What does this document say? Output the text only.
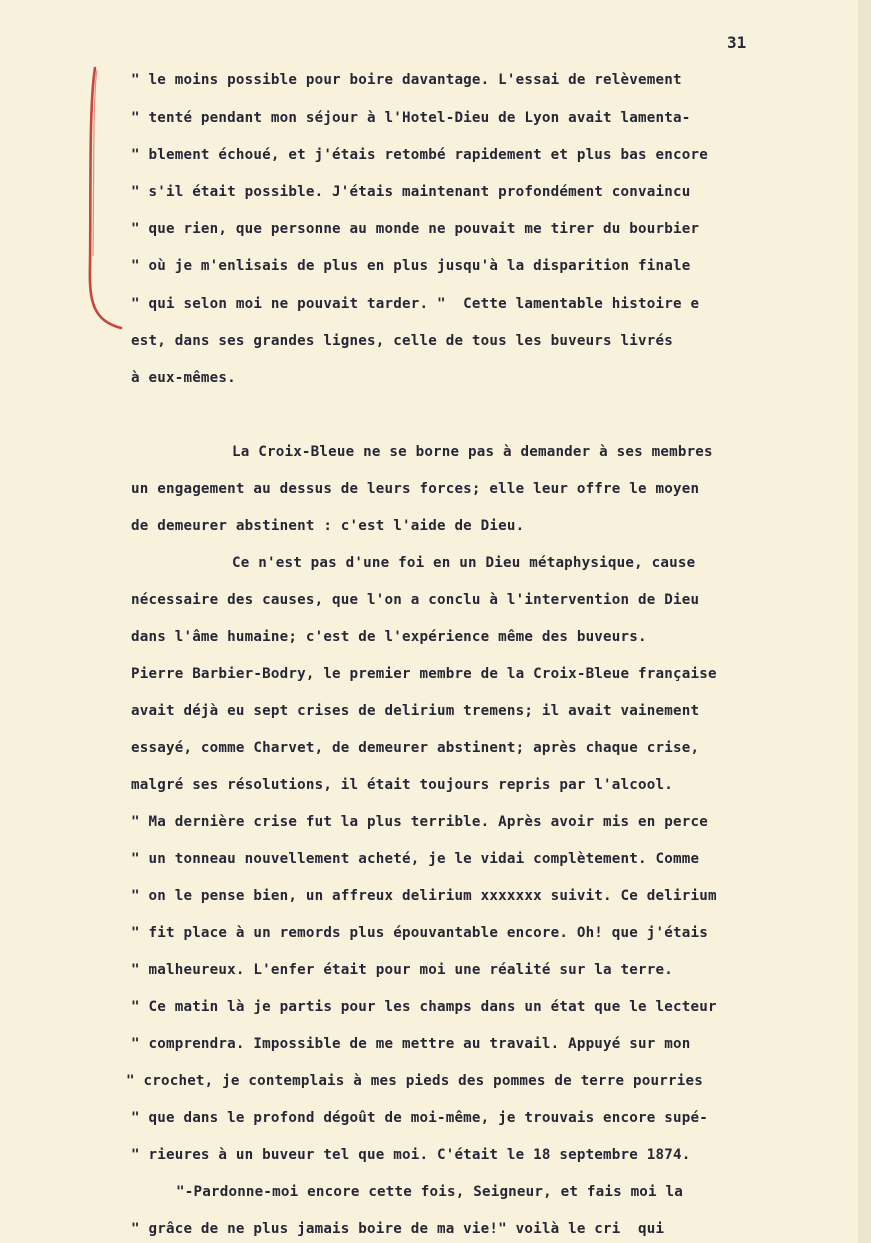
31
" le moins possible pour boire davantage. L'essai de relèvement
" tenté pendant mon séjour à l'Hotel-Dieu de Lyon avait lamenta-
" blement échoué, et j'étais retombé rapidement et plus bas encore
" s'il était possible. J'étais maintenant profondément convaincu
" que rien, que personne au monde ne pouvait me tirer du bourbier
" où je m'enlisais de plus en plus jusqu'à la disparition finale
" qui selon moi ne pouvait tarder. "  Cette lamentable histoire e
est, dans ses grandes lignes, celle de tous les buveurs livrés
à eux-mêmes.
La Croix-Bleue ne se borne pas à demander à ses membres
un engagement au dessus de leurs forces; elle leur offre le moyen
de demeurer abstinent : c'est l'aide de Dieu.
Ce n'est pas d'une foi en un Dieu métaphysique, cause
nécessaire des causes, que l'on a conclu à l'intervention de Dieu
dans l'âme humaine; c'est de l'expérience même des buveurs.
Pierre Barbier-Bodry, le premier membre de la Croix-Bleue française
avait déjà eu sept crises de delirium tremens; il avait vainement
essayé, comme Charvet, de demeurer abstinent; après chaque crise,
malgré ses résolutions, il était toujours repris par l'alcool.
" Ma dernière crise fut la plus terrible. Après avoir mis en perce
" un tonneau nouvellement acheté, je le vidai complètement. Comme
" on le pense bien, un affreux delirium xxxxxxx suivit. Ce delirium
" fit place à un remords plus épouvantable encore. Oh! que j'étais
" malheureux. L'enfer était pour moi une réalité sur la terre.
" Ce matin là je partis pour les champs dans un état que le lecteur
" comprendra. Impossible de me mettre au travail. Appuyé sur mon
" crochet, je contemplais à mes pieds des pommes de terre pourries
" que dans le profond dégoût de moi-même, je trouvais encore supé-
" rieures à un buveur tel que moi. C'était le 18 septembre 1874.
"-Pardonne-moi encore cette fois, Seigneur, et fais moi la
" grâce de ne plus jamais boire de ma vie!" voilà le cri  qui
